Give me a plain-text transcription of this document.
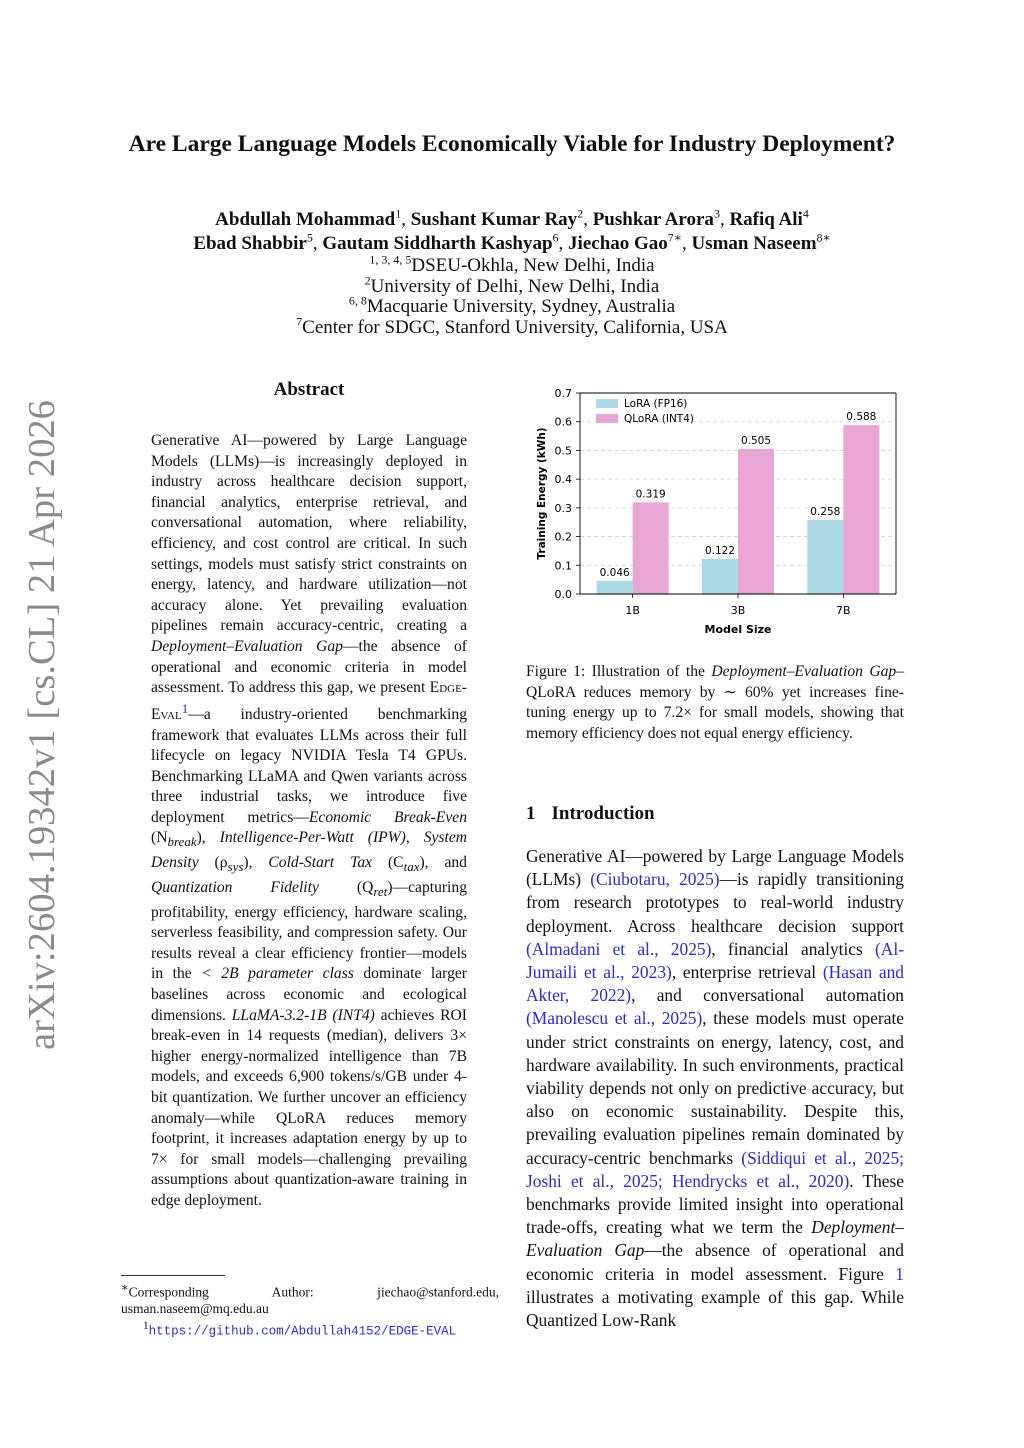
arXiv:2604.19342v1 [cs.CL] 21 Apr 2026
Are Large Language Models Economically Viable for Industry Deployment?
Abdullah Mohammad$^1$, Sushant Kumar Ray$^2$, Pushkar Arora$^3$, Rafiq Ali$^4$
Ebad Shabbir$^5$, Gautam Siddharth Kashyap$^6$, Jiechao Gao$^{7∗}$, Usman Naseem$^{8∗}$
$^{1, 3, 4, 5}$DSEU-Okhla, New Delhi, India
$^2$University of Delhi, New Delhi, India
$^{6, 8}$Macquarie University, Sydney, Australia
$^7$Center for SDGC, Stanford University, California, USA
Abstract
Generative AI—powered by Large Language Models (LLMs)—is increasingly deployed in industry across healthcare decision support, financial analytics, enterprise retrieval, and conversational automation, where reliability, efficiency, and cost control are critical. In such settings, models must satisfy strict constraints on energy, latency, and hardware utilization—not accuracy alone. Yet prevailing evaluation pipelines remain accuracy-centric, creating a Deployment–Evaluation Gap—the absence of operational and economic criteria in model assessment. To address this gap, we present Edge-Eval$^1$—a industry-oriented benchmarking framework that evaluates LLMs across their full lifecycle on legacy NVIDIA Tesla T4 GPUs. Benchmarking LLaMA and Qwen variants across three industrial tasks, we introduce five deployment metrics—Economic Break-Even $(N_{break})$, Intelligence-Per-Watt (IPW), System Density $(\rho_{sys})$, Cold-Start Tax $(C_{tax})$, and Quantization Fidelity $(Q_{ret})—capturing$ profitability, energy efficiency, hardware scaling, serverless feasibility, and compression safety. Our results reveal a clear efficiency frontier—models in the < 2B parameter class dominate larger baselines across economic and ecological dimensions. LLaMA-3.2-1B (INT4) achieves ROI break-even in 14 requests (median), delivers 3× higher energy-normalized intelligence than 7B models, and exceeds 6,900 tokens/s/GB under 4-bit quantization. We further uncover an efficiency anomaly—while QLoRA reduces memory footprint, it increases adaptation energy by up to 7× for small models—challenging prevailing assumptions about quantization-aware training in edge deployment.
∗Corresponding Author: jiechao@stanford.edu, usman.naseem@mq.edu.au
$^1$https://github.com/Abdullah4152/EDGE-EVAL
0.0
0.1
0.2
0.3
0.4
0.5
0.6
0.7
0.046
0.319
1B
0.122
0.505
3B
0.258
0.588
7B
Model Size
Training Energy (kWh)
LoRA (FP16)
QLoRA (INT4)
Figure 1: Illustration of the Deployment–Evaluation Gap–QLoRA reduces memory by ∼ 60% yet increases fine-tuning energy up to 7.2× for small models, showing that memory efficiency does not equal energy efficiency.
1 Introduction
Generative AI—powered by Large Language Models (LLMs) (Ciubotaru, 2025)—is rapidly transitioning from research prototypes to real-world industry deployment. Across healthcare decision support (Almadani et al., 2025), financial analytics (Al-Jumaili et al., 2023), enterprise retrieval (Hasan and Akter, 2022), and conversational automation (Manolescu et al., 2025), these models must operate under strict constraints on energy, latency, cost, and hardware availability. In such environments, practical viability depends not only on predictive accuracy, but also on economic sustainability. Despite this, prevailing evaluation pipelines remain dominated by accuracy-centric benchmarks (Siddiqui et al., 2025; Joshi et al., 2025; Hendrycks et al., 2020). These benchmarks provide limited insight into operational trade-offs, creating what we term the Deployment–Evaluation Gap—the absence of operational and economic criteria in model assessment. Figure 1 illustrates a motivating example of this gap. While Quantized Low-Rank
